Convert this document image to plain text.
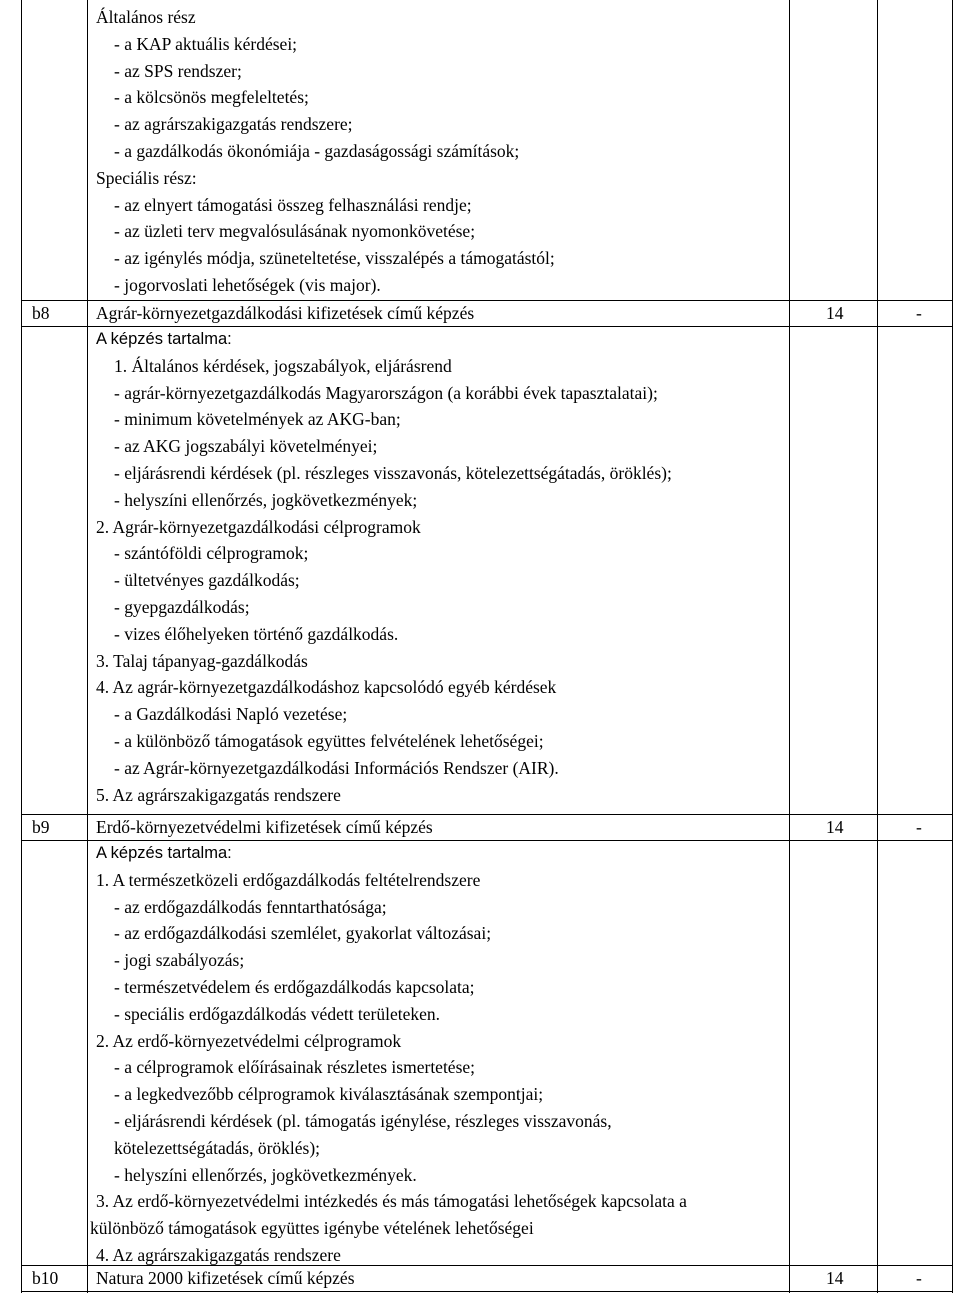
Általános rész
- a KAP aktuális kérdései;
- az SPS rendszer;
- a kölcsönös megfeleltetés;
- az agrárszakigazgatás rendszere;
- a gazdálkodás ökonómiája - gazdaságossági számítások;
Speciális rész:
- az elnyert támogatási összeg felhasználási rendje;
- az üzleti terv megvalósulásának nyomonkövetése;
- az igénylés módja, szüneteltetése, visszalépés a támogatástól;
- jogorvoslati lehetőségek (vis major).
b8	Agrár-környezetgazdálkodási kifizetések című képzés	14	-
A képzés tartalma:
1. Általános kérdések, jogszabályok, eljárásrend
- agrár-környezetgazdálkodás Magyarországon (a korábbi évek tapasztalatai);
- minimum követelmények az AKG-ban;
- az AKG jogszabályi követelményei;
- eljárásrendi kérdések (pl. részleges visszavonás, kötelezettségátadás, öröklés);
- helyszíni ellenőrzés, jogkövetkezmények;
2. Agrár-környezetgazdálkodási célprogramok
- szántóföldi célprogramok;
- ültetvényes gazdálkodás;
- gyepgazdálkodás;
- vizes élőhelyeken történő gazdálkodás.
3. Talaj tápanyag-gazdálkodás
4. Az agrár-környezetgazdálkodáshoz kapcsolódó egyéb kérdések
- a Gazdálkodási Napló vezetése;
- a különböző támogatások együttes felvételének lehetőségei;
- az Agrár-környezetgazdálkodási Információs Rendszer (AIR).
5. Az agrárszakigazgatás rendszere
b9	Erdő-környezetvédelmi kifizetések című képzés	14	-
A képzés tartalma:
1. A természetközeli erdőgazdálkodás feltételrendszere
- az erdőgazdálkodás fenntarthatósága;
- az erdőgazdálkodási szemlélet, gyakorlat változásai;
- jogi szabályozás;
- természetvédelem és erdőgazdálkodás kapcsolata;
- speciális erdőgazdálkodás védett területeken.
2. Az erdő-környezetvédelmi célprogramok
- a célprogramok előírásainak részletes ismertetése;
- a legkedvezőbb célprogramok kiválasztásának szempontjai;
- eljárásrendi kérdések (pl. támogatás igénylése, részleges visszavonás,
kötelezettségátadás, öröklés);
- helyszíni ellenőrzés, jogkövetkezmények.
3. Az erdő-környezetvédelmi intézkedés és más támogatási lehetőségek kapcsolata a
különböző támogatások együttes igénybe vételének lehetőségei
4. Az agrárszakigazgatás rendszere
b10 Natura 2000 kifizetések című képzés	14	-
